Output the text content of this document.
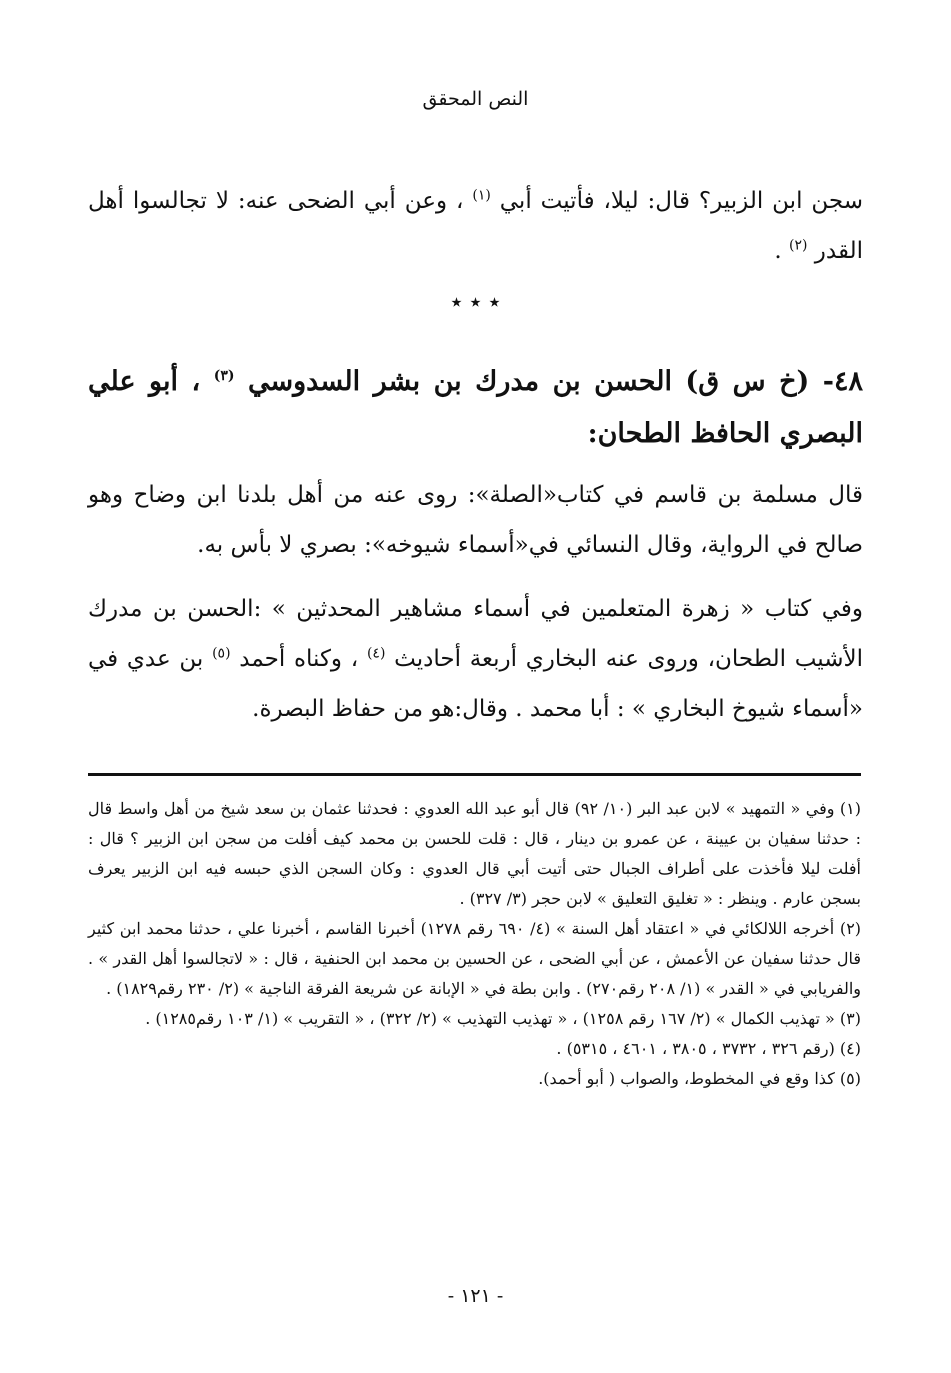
النص المحقق
سجن ابن الزبير؟ قال: ليلا، فأتيت أبي $^{(١)}$ ، وعن أبي الضحى عنه: لا تجالسوا أهل القدر $^{(٢)}$ .
٭ ٭ ٭
٤٨- (خ س ق) الحسن بن مدرك بن بشر السدوسي $^{(٣)}$ ، أبو علي البصري الحافظ الطحان:
قال مسلمة بن قاسم في كتاب«الصلة»: روى عنه من أهل بلدنا ابن وضاح وهو صالح في الرواية، وقال النسائي في«أسماء شيوخه»: بصري لا بأس به.
وفي كتاب « زهرة المتعلمين في أسماء مشاهير المحدثين » :الحسن بن مدرك الأشيب الطحان، وروى عنه البخاري أربعة أحاديث $^{(٤)}$ ، وكناه أحمد $^{(٥)}$ بن عدي في «أسماء شيوخ البخاري » : أبا محمد . وقال:هو من حفاظ البصرة.
(١) وفي « التمهيد » لابن عبد البر (١٠/ ٩٢) قال أبو عبد الله العدوي : فحدثنا عثمان بن سعد شيخ من أهل واسط قال : حدثنا سفيان بن عيينة ، عن عمرو بن دينار ، قال : قلت للحسن بن محمد كيف أفلت من سجن ابن الزبير ؟ قال : أفلت ليلا فأخذت على أطراف الجبال حتى أتيت أبي قال العدوي : وكان السجن الذي حبسه فيه ابن الزبير يعرف بسجن عارم . وينظر : « تغليق التعليق » لابن حجر (٣/ ٣٢٧) .
(٢) أخرجه اللالكائي في « اعتقاد أهل السنة » (٤/ ٦٩٠ رقم ١٢٧٨) أخبرنا القاسم ، أخبرنا علي ، حدثنا محمد ابن كثير قال حدثنا سفيان عن الأعمش ، عن أبي الضحى ، عن الحسين بن محمد ابن الحنفية ، قال : « لاتجالسوا أهل القدر » . والفريابي في « القدر » (١/ ٢٠٨ رقم٢٧٠) . وابن بطة في « الإبانة عن شريعة الفرقة الناجية » (٢/ ٢٣٠ رقم١٨٢٩) .
(٣) « تهذيب الكمال » (٢/ ١٦٧ رقم ١٢٥٨) ، « تهذيب التهذيب » (٢/ ٣٢٢) ، « التقريب » (١/ ١٠٣ رقم١٢٨٥) .
(٤) (رقم ٣٢٦ ، ٣٧٣٢ ، ٣٨٠٥ ، ٤٦٠١ ، ٥٣١٥) .
(٥) كذا وقع في المخطوط، والصواب ( أبو أحمد).
- ١٢١ -
